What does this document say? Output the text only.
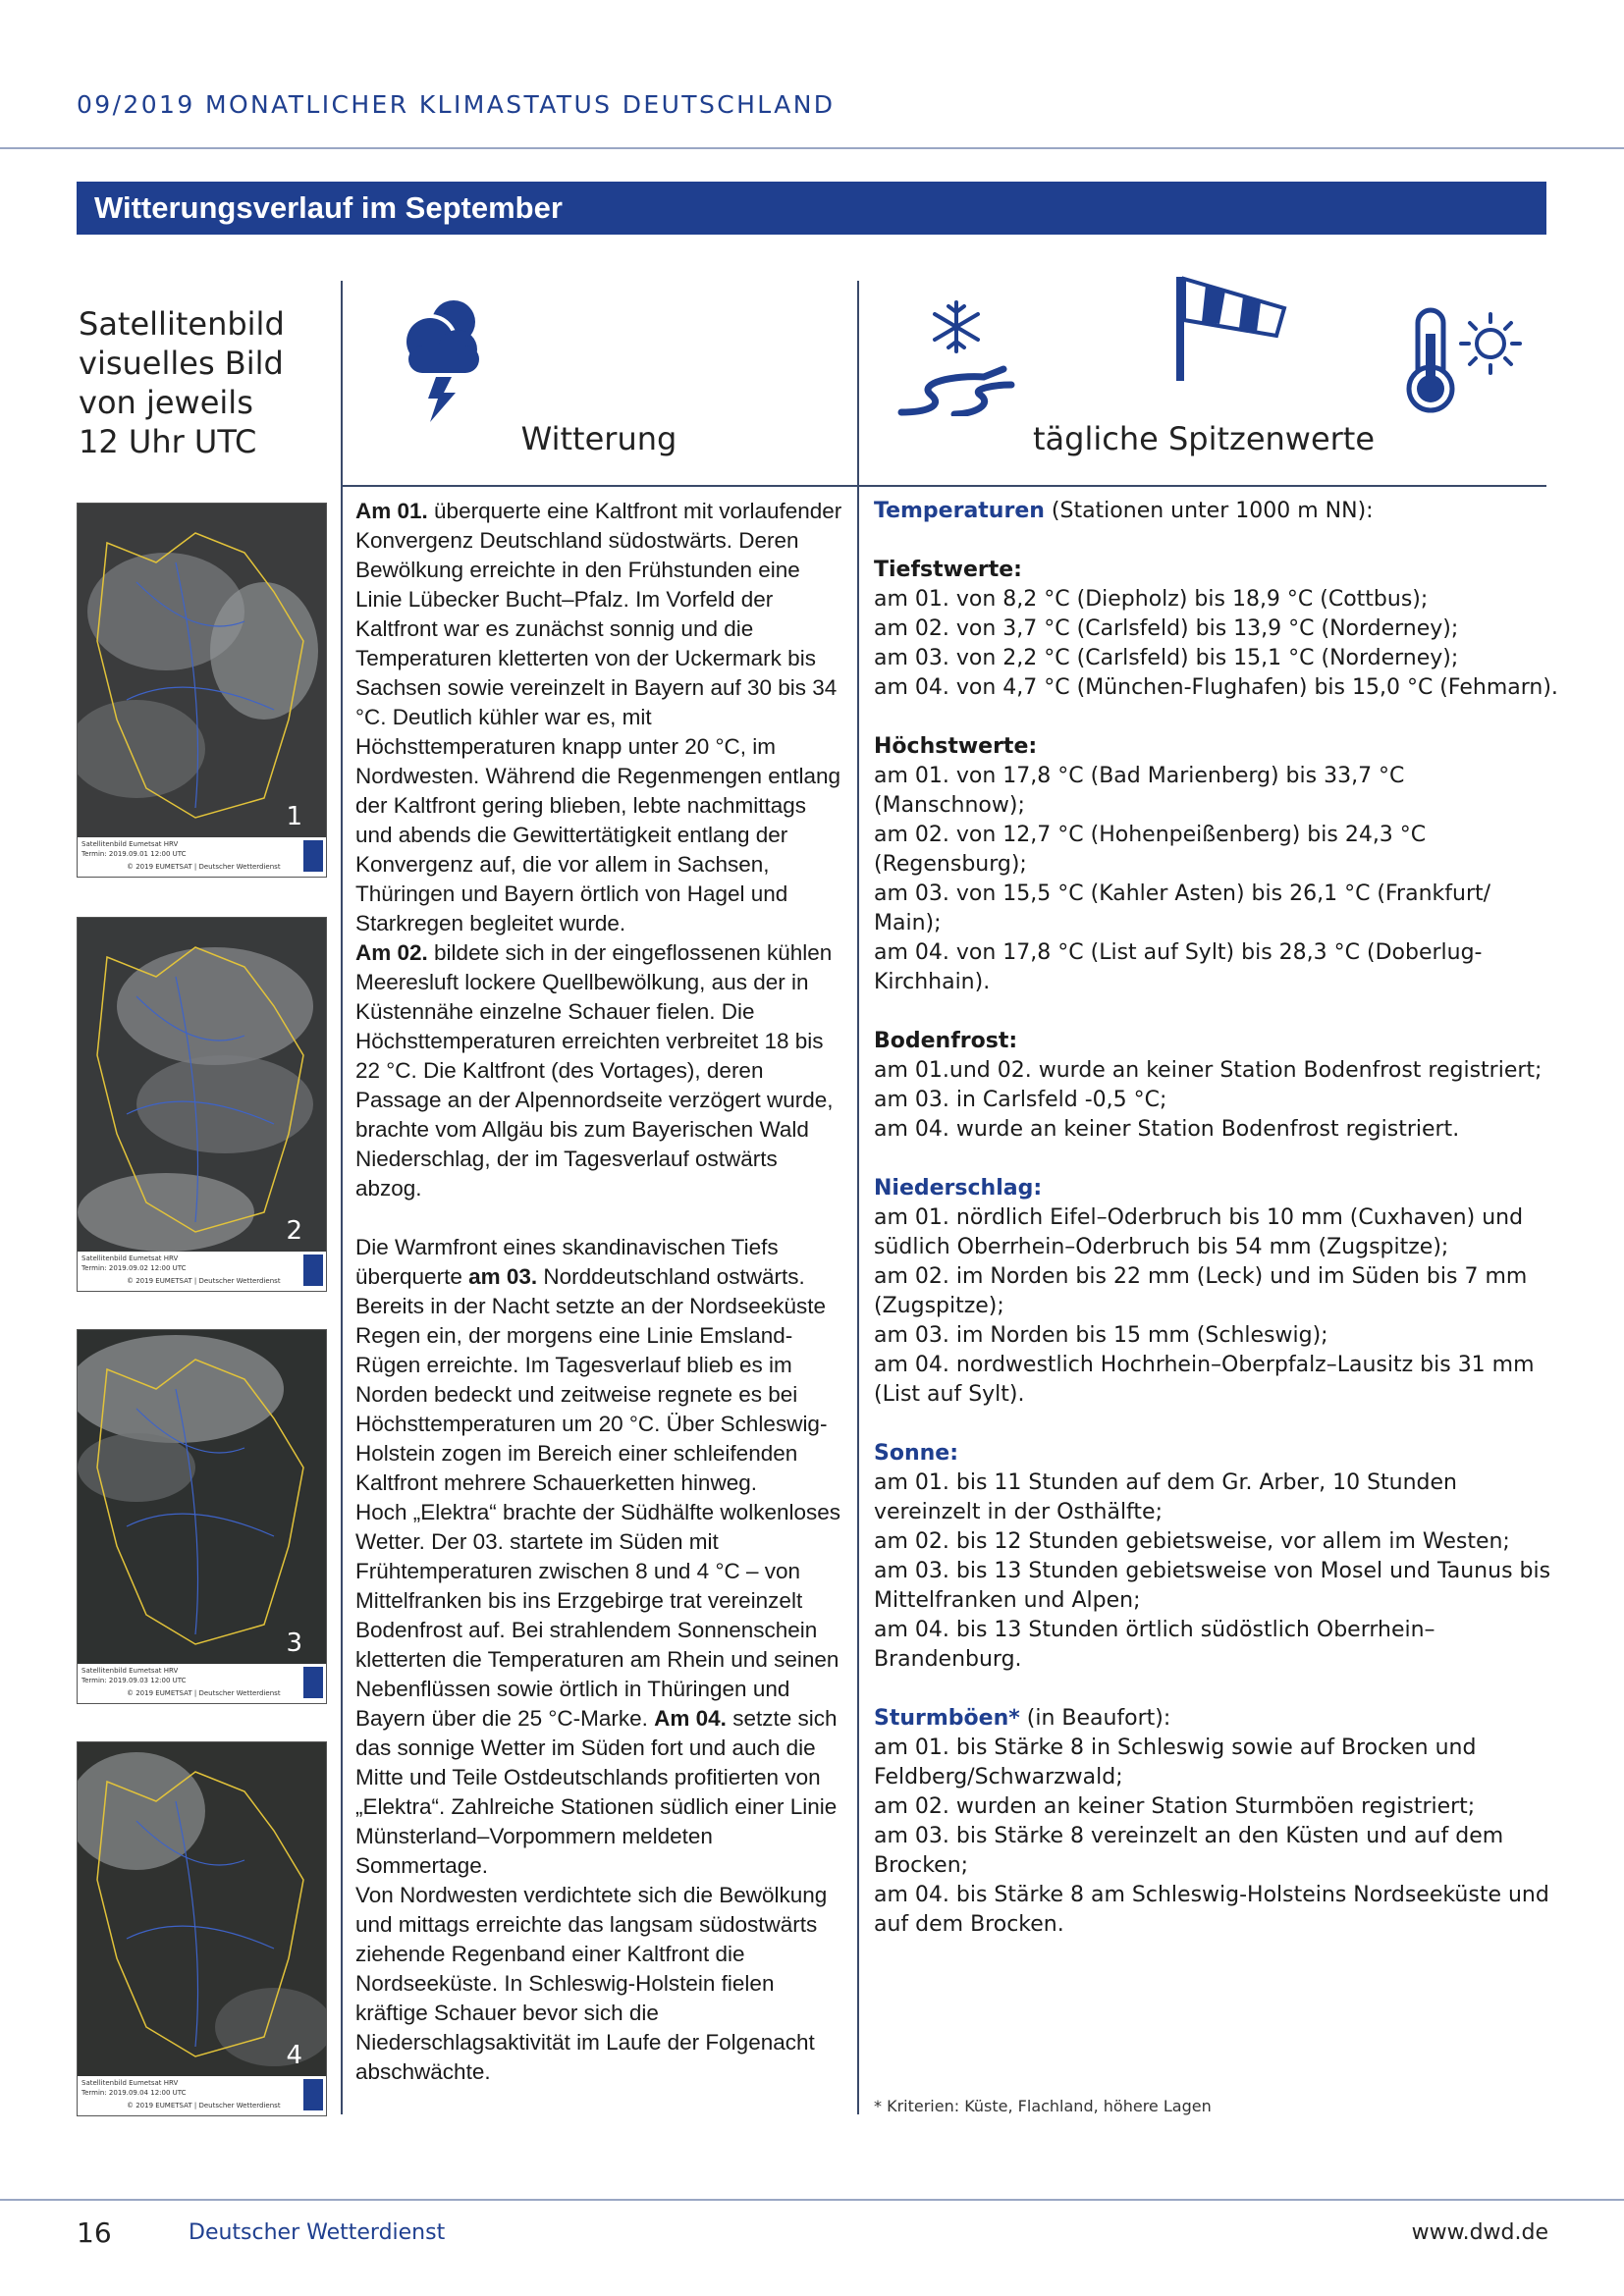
09/2019 MONATLICHER KLIMASTATUS DEUTSCHLAND
Witterungsverlauf im September
Satellitenbild
visuelles Bild
von jeweils
12 Uhr UTC	Witterung	tägliche Spitzenwerte
1
Satellitenbild Eumetsat HRV
Termin: 2019.09.01 12:00 UTC
© 2019 EUMETSAT | Deutscher Wetterdienst
2
Satellitenbild Eumetsat HRV
Termin: 2019.09.02 12:00 UTC
© 2019 EUMETSAT | Deutscher Wetterdienst
3
Satellitenbild Eumetsat HRV
Termin: 2019.09.03 12:00 UTC
© 2019 EUMETSAT | Deutscher Wetterdienst
4
Satellitenbild Eumetsat HRV
Termin: 2019.09.04 12:00 UTC
© 2019 EUMETSAT | Deutscher Wetterdienst

Am 01. überquerte eine Kaltfront mit vorlaufender Konvergenz Deutschland südostwärts. Deren Bewölkung erreichte in den Frühstunden eine Linie Lübecker Bucht–Pfalz. Im Vorfeld der Kaltfront war es zunächst sonnig und die Temperaturen kletterten von der Uckermark bis Sachsen sowie vereinzelt in Bayern auf 30 bis 34 °C. Deutlich kühler war es, mit Höchsttemperaturen knapp unter 20 °C, im Nordwesten. Während die Regenmengen entlang der Kaltfront gering blieben, lebte nachmittags und abends die Gewittertätigkeit entlang der Konvergenz auf, die vor allem in Sachsen, Thüringen und Bayern örtlich von Hagel und Starkregen begleitet wurde.

Am 02. bildete sich in der eingeflossenen kühlen Meeresluft lockere Quellbewölkung, aus der in Küstennähe einzelne Schauer fielen. Die Höchsttemperaturen erreichten verbreitet 18 bis 22 °C. Die Kaltfront (des Vortages), deren Passage an der Alpennordseite verzögert wurde, brachte vom Allgäu bis zum Bayerischen Wald Niederschlag, der im Tagesverlauf ostwärts abzog.

Die Warmfront eines skandinavischen Tiefs überquerte am 03. Norddeutschland ostwärts. Bereits in der Nacht setzte an der Nordseeküste Regen ein, der morgens eine Linie Emsland-Rügen erreichte. Im Tagesverlauf blieb es im Norden bedeckt und zeitweise regnete es bei Höchsttemperaturen um 20 °C. Über Schleswig-Holstein zogen im Bereich einer schleifenden Kaltfront mehrere Schauerketten hinweg.

Hoch „Elektra“ brachte der Südhälfte wolkenloses Wetter. Der 03. startete im Süden mit Frühtemperaturen zwischen 8 und 4 °C – von Mittelfranken bis ins Erzgebirge trat vereinzelt Bodenfrost auf. Bei strahlendem Sonnenschein kletterten die Temperaturen am Rhein und seinen Nebenflüssen sowie örtlich in Thüringen und Bayern über die 25 °C-Marke. Am 04. setzte sich das sonnige Wetter im Süden fort und auch die Mitte und Teile Ostdeutschlands profitierten von „Elektra“. Zahlreiche Stationen südlich einer Linie Münsterland–Vorpommern meldeten Sommertage.

Von Nordwesten verdichtete sich die Bewölkung und mittags erreichte das langsam südostwärts ziehende Regenband einer Kaltfront die Nordseeküste. In Schleswig-Holstein fielen kräftige Schauer bevor sich die Niederschlagsaktivität im Laufe der Folgenacht abschwächte.

Temperaturen (Stationen unter 1000 m NN):

Tiefstwerte:

am 01. von 8,2 °C (Diepholz) bis 18,9 °C (Cottbus);

am 02. von 3,7 °C (Carlsfeld) bis 13,9 °C (Norderney);

am 03. von 2,2 °C (Carlsfeld) bis 15,1 °C (Norderney);

am 04. von 4,7 °C (München-Flughafen) bis 15,0 °C (Fehmarn).

Höchstwerte:

am 01. von 17,8 °C (Bad Marienberg) bis 33,7 °C (Manschnow);

am 02. von 12,7 °C (Hohenpeißenberg) bis 24,3 °C (Regensburg);

am 03. von 15,5 °C (Kahler Asten) bis 26,1 °C (Frankfurt/ Main);

am 04. von 17,8 °C (List auf Sylt) bis 28,3 °C (Doberlug-Kirchhain).

Bodenfrost:

am 01.und 02. wurde an keiner Station Bodenfrost registriert;

am 03. in Carlsfeld -0,5 °C;

am 04. wurde an keiner Station Bodenfrost registriert.

Niederschlag:

am 01. nördlich Eifel–Oderbruch bis 10 mm (Cuxhaven) und südlich Oberrhein–Oderbruch bis 54 mm (Zugspitze);

am 02. im Norden bis 22 mm (Leck) und im Süden bis 7 mm (Zugspitze);

am 03. im Norden bis 15 mm (Schleswig);

am 04. nordwestlich Hochrhein–Oberpfalz–Lausitz bis 31 mm (List auf Sylt).

Sonne:

am 01. bis 11 Stunden auf dem Gr. Arber, 10 Stunden vereinzelt in der Osthälfte;

am 02. bis 12 Stunden gebietsweise, vor allem im Westen;

am 03. bis 13 Stunden gebietsweise von Mosel und Taunus bis Mittelfranken und Alpen;

am 04. bis 13 Stunden örtlich südöstlich Oberrhein–Brandenburg.

Sturmböen* (in Beaufort):

am 01. bis Stärke 8 in Schleswig sowie auf Brocken und Feldberg/Schwarzwald;

am 02. wurden an keiner Station Sturmböen registriert;

am 03. bis Stärke 8 vereinzelt an den Küsten und auf dem Brocken;

am 04. bis Stärke 8 am Schleswig-Holsteins Nordseeküste und auf dem Brocken.

* Kriterien: Küste, Flachland, höhere Lagen
16	Deutscher Wetterdienst	www.dwd.de
